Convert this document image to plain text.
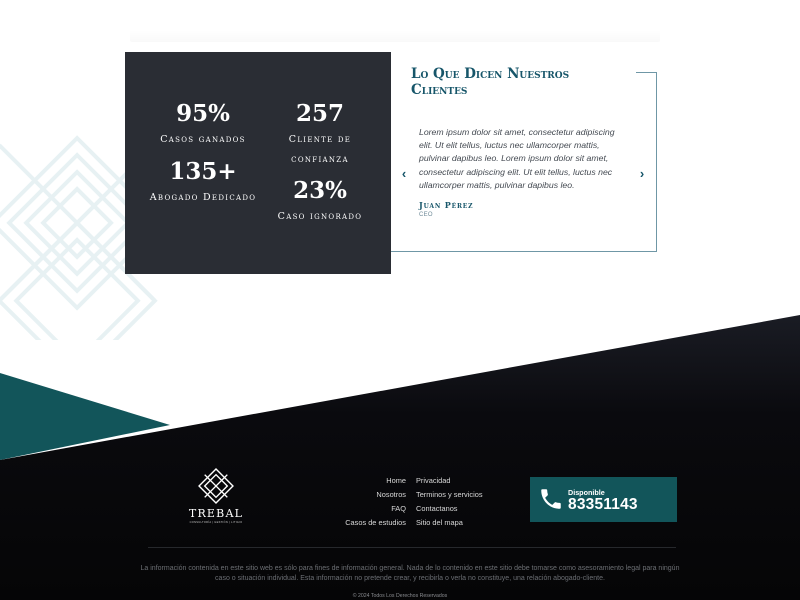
95%
Casos ganados
257
Cliente de confianza
135+
Abogado Dedicado	23%
Caso ignorado
Lo Que Dicen Nuestros Clientes
‹

Lorem ipsum dolor sit amet, consectetur adipiscing elit. Ut elit tellus, luctus nec ullamcorper mattis, pulvinar dapibus leo. Lorem ipsum dolor sit amet, consectetur adipiscing elit. Ut elit tellus, luctus nec ullamcorper mattis, pulvinar dapibus leo.

›
Juan Pérez
CEO
TREBAL
CONSULTORÍA | GESTIÓN | LITIGIO
Home
Nosotros
FAQ
Casos de estudios
Privacidad
Terminos y servicios
Contactanos
Sitio del mapa
Disponible
83351143

La información contenida en este sitio web es sólo para fines de información general. Nada de lo contenido en este sitio debe tomarse como asesoramiento legal para ningún caso o situación individual. Esta información no pretende crear, y recibirla o verla no constituye, una relación abogado-cliente.

© 2024 Todos Los Derechos Reservados
